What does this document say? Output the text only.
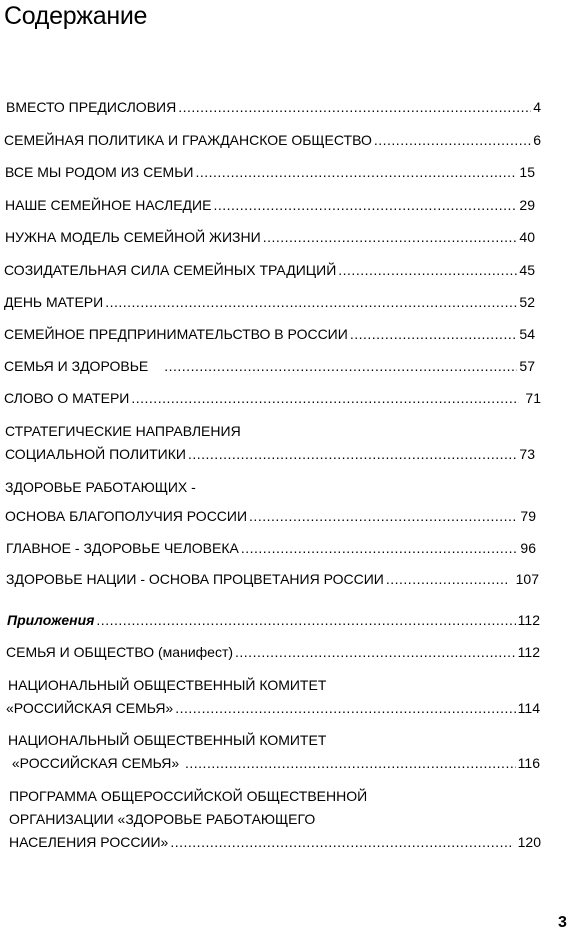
Содержание
ВМЕСТО ПРЕДИСЛОВИЯ .....	4
СЕМЕЙНАЯ ПОЛИТИКА И ГРАЖДАНСКОЕ ОБЩЕСТВО .....	6
ВСЕ МЫ РОДОМ ИЗ СЕМЬИ .....	15
НАШЕ СЕМЕЙНОЕ НАСЛЕДИЕ .....	29
НУЖНА МОДЕЛЬ СЕМЕЙНОЙ ЖИЗНИ .....	40
СОЗИДАТЕЛЬНАЯ СИЛА СЕМЕЙНЫХ ТРАДИЦИЙ .....	45
ДЕНЬ МАТЕРИ .....	52
СЕМЕЙНОЕ ПРЕДПРИНИМАТЕЛЬСТВО В РОССИИ .....	54
СЕМЬЯ И ЗДОРОВЬЕ .....	57
СЛОВО О МАТЕРИ .....	71
СТРАТЕГИЧЕСКИЕ НАПРАВЛЕНИЯ
СОЦИАЛЬНОЙ ПОЛИТИКИ .....	73
ЗДОРОВЬЕ РАБОТАЮЩИХ -
ОСНОВА БЛАГОПОЛУЧИЯ РОССИИ .....	79
ГЛАВНОЕ - ЗДОРОВЬЕ ЧЕЛОВЕКА .....	96
ЗДОРОВЬЕ НАЦИИ - ОСНОВА ПРОЦВЕТАНИЯ РОССИИ .....	107
Приложения .....	112
СЕМЬЯ И ОБЩЕСТВО (манифест) .....	112
НАЦИОНАЛЬНЫЙ ОБЩЕСТВЕННЫЙ КОМИТЕТ
«РОССИЙСКАЯ СЕМЬЯ» .....	114
НАЦИОНАЛЬНЫЙ ОБЩЕСТВЕННЫЙ КОМИТЕТ
«РОССИЙСКАЯ СЕМЬЯ» .....	116
ПРОГРАММА ОБЩЕРОССИЙСКОЙ ОБЩЕСТВЕННОЙ
ОРГАНИЗАЦИИ «ЗДОРОВЬЕ РАБОТАЮЩЕГО
НАСЕЛЕНИЯ РОССИИ» .....	120
3
